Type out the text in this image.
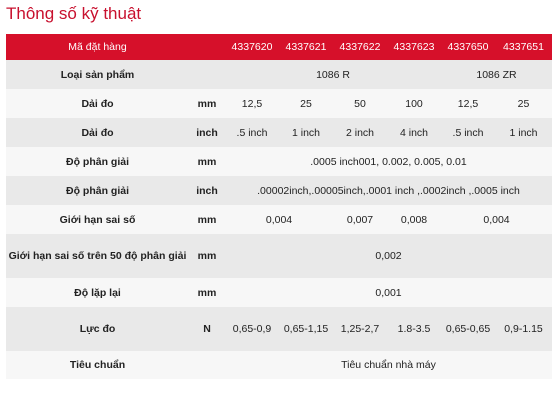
Thông số kỹ thuật
Mã đặt hàng		4337620	4337621	4337622	4337623	4337650	4337651
Loại sản phẩm		1086 R				1086 ZR	
Dải đo	mm	12,5	25	50	100	12,5	25
Dải đo	inch	.5 inch	1 inch	2 inch	4 inch	.5 inch	1 inch
Độ phân giải	mm	.0005 inch001, 0.002, 0.005, 0.01					
Độ phân giải	inch	.00002inch,.00005inch,.0001 inch ,.0002inch ,.0005 inch					
Giới hạn sai số	mm	0,004		0,007	0,008	0,004	
Giới hạn sai số trên 50 độ phân giải	mm	0,002					
Độ lặp lại	mm	0,001					
Lực đo	N	0,65-0,9	0,65-1,15	1,25-2,7	1.8-3.5	0,65-0,65	0,9-1.15
Tiêu chuẩn		Tiêu chuẩn nhà máy					
